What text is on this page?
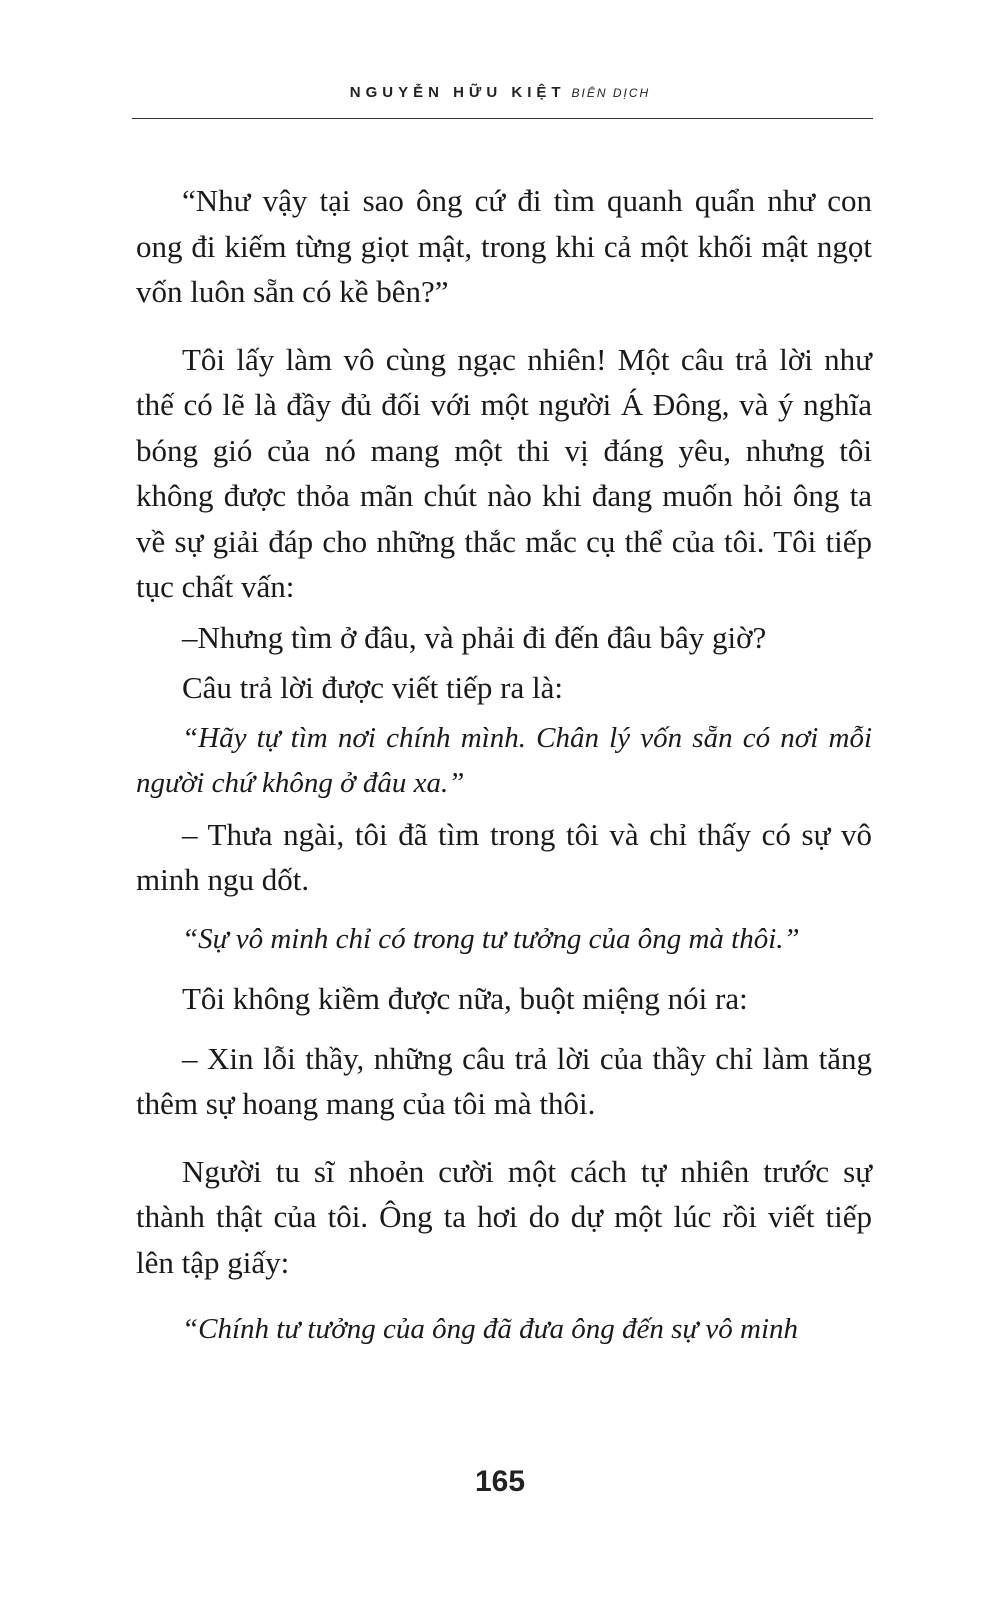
NGUYỄN HỮU KIỆT BIÊN DỊCH

“Như vậy tại sao ông cứ đi tìm quanh quẩn như con ong đi kiếm từng giọt mật, trong khi cả một khối mật ngọt vốn luôn sẵn có kề bên?”

Tôi lấy làm vô cùng ngạc nhiên! Một câu trả lời như thế có lẽ là đầy đủ đối với một người Á Đông, và ý nghĩa bóng gió của nó mang một thi vị đáng yêu, nhưng tôi không được thỏa mãn chút nào khi đang muốn hỏi ông ta về sự giải đáp cho những thắc mắc cụ thể của tôi. Tôi tiếp tục chất vấn:

–Nhưng tìm ở đâu, và phải đi đến đâu bây giờ?

Câu trả lời được viết tiếp ra là:

“Hãy tự tìm nơi chính mình. Chân lý vốn sẵn có nơi mỗi người chứ không ở đâu xa.”

– Thưa ngài, tôi đã tìm trong tôi và chỉ thấy có sự vô minh ngu dốt.

“Sự vô minh chỉ có trong tư tưởng của ông mà thôi.”

Tôi không kiềm được nữa, buột miệng nói ra:

– Xin lỗi thầy, những câu trả lời của thầy chỉ làm tăng thêm sự hoang mang của tôi mà thôi.

Người tu sĩ nhoẻn cười một cách tự nhiên trước sự thành thật của tôi. Ông ta hơi do dự một lúc rồi viết tiếp lên tập giấy:

“Chính tư tưởng của ông đã đưa ông đến sự vô minh

165
